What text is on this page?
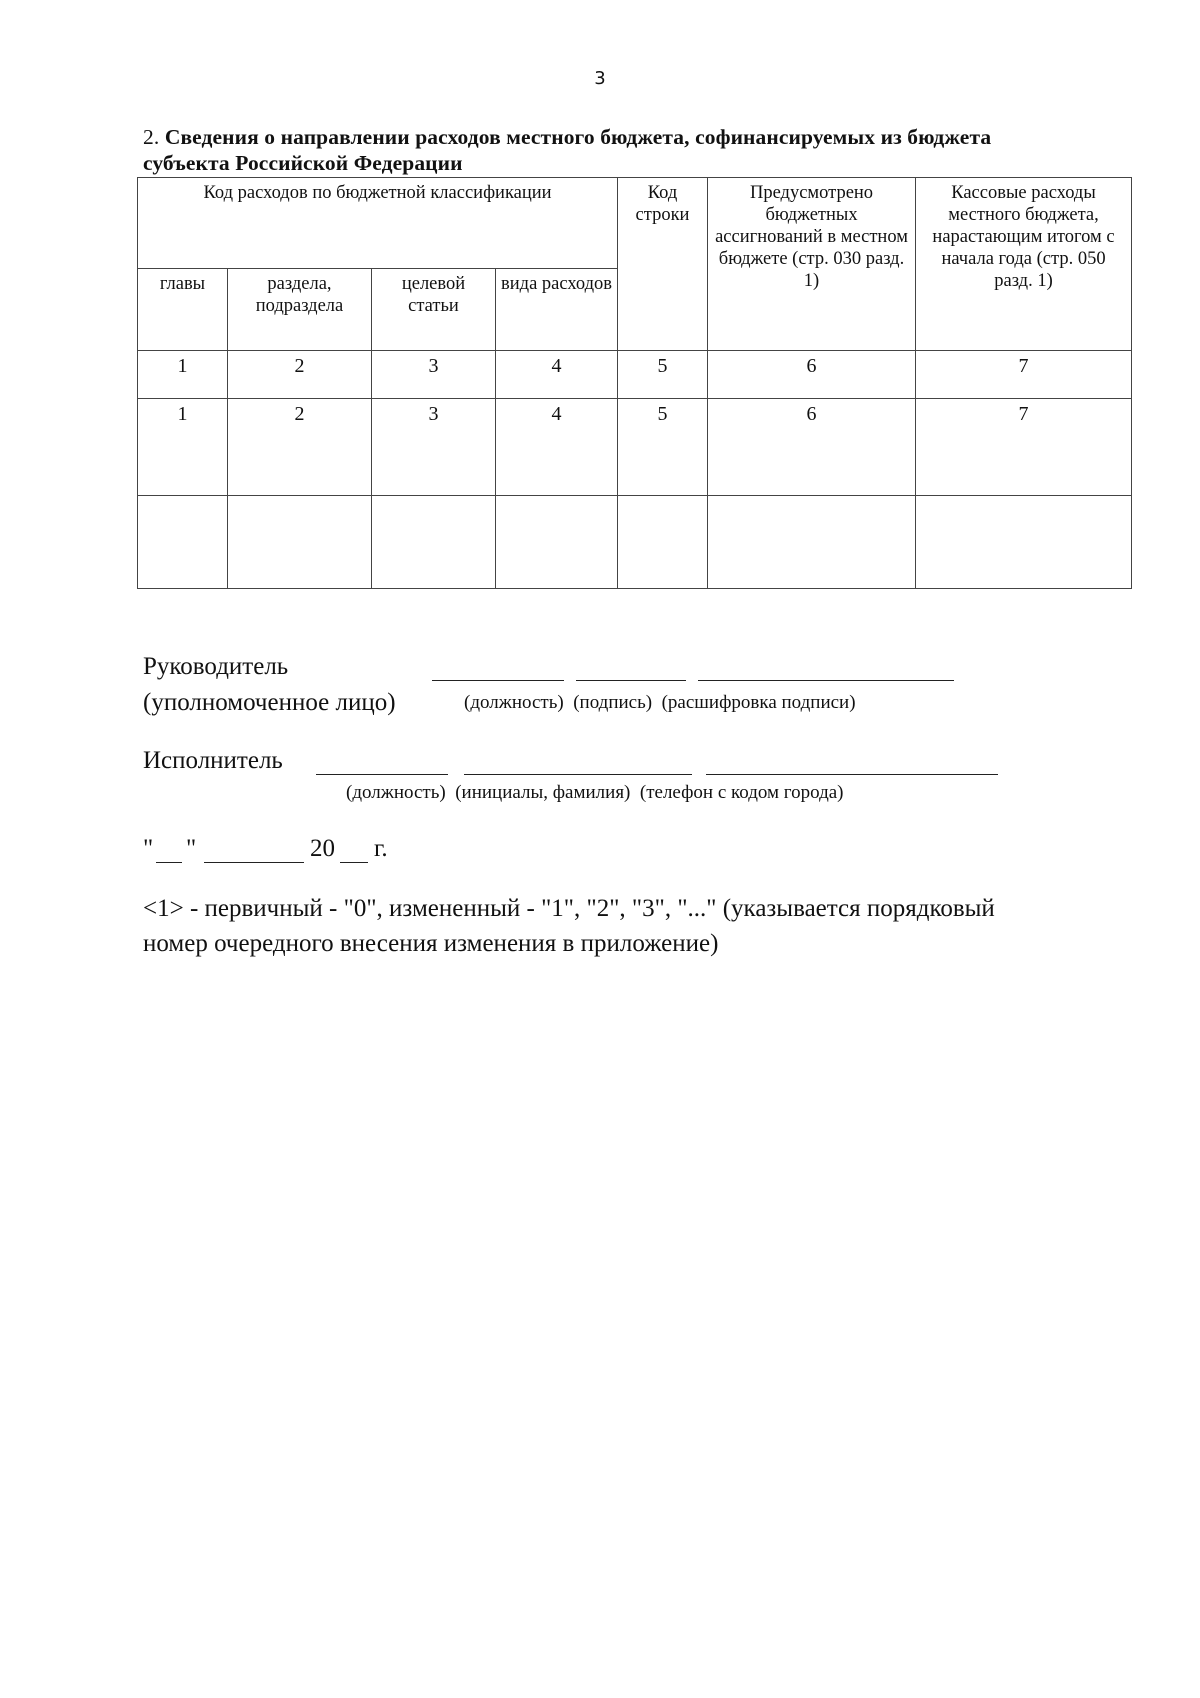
3
2. Сведения о направлении расходов местного бюджета, софинансируемых из бюджета
субъекта Российской Федерации
Код расходов по бюджетной классификации				Код строки	Предусмотрено бюджетных ассигнований в местном бюджете (стр. 030 разд. 1)	Кассовые расходы местного бюджета, нарастающим итогом с начала года (стр. 050 разд. 1)
главы	раздела, подраздела	целевой статьи	вида расходов			
1	2	3	4	5	6	7
1	2	3	4	5	6	7

Руководитель
(уполномоченное лицо)	(должность)  (подпись)  (расшифровка подписи)
Исполнитель
(должность)  (инициалы, фамилия)  (телефон с кодом города)
" "	20 г.
<1> - первичный - "0", измененный - "1", "2", "3", "..." (указывается порядковый
номер очередного внесения изменения в приложение)
